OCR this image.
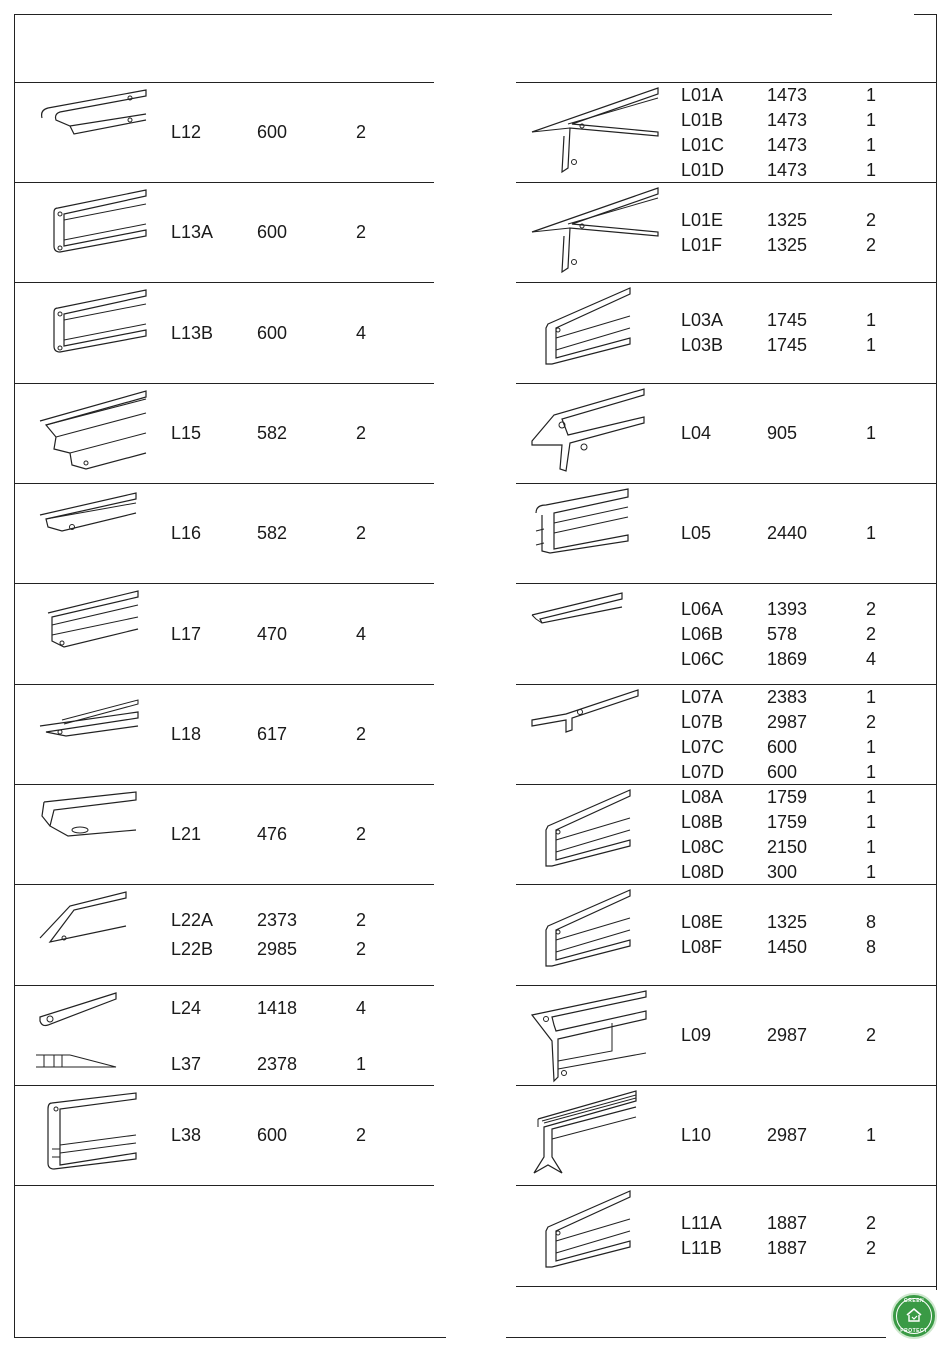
L12	600	2
L13A 600	2
L13B 600	4
L15	582	2
L16	582	2
L17	470	4
L18	617	2
L21	476	2
L22A 2373	2
L22B 2985	2
L24	1418	4
L37	2378	1
L38	600	2
L01A 1473	1
L01B 1473	1
L01C 1473	1
L01D 1473	1
L01E 1325	2
L01F 1325	2
L03A 1745	1
L03B 1745	1
L04	905	1
L05	2440	1
L06A 1393	2
L06B 578	2
L06C 1869	4
L07A 2383	1
L07B 2987	2
L07C 600	1
L07D 600	1
L08A 1759	1
L08B 1759	1
L08C 2150	1
L08D 300	1
L08E 1325	8
L08F 1450	8
L09	2987	2
L10	2987	1
L11A	1887	2
L11B	1887	2
GREEN
PROTECT
